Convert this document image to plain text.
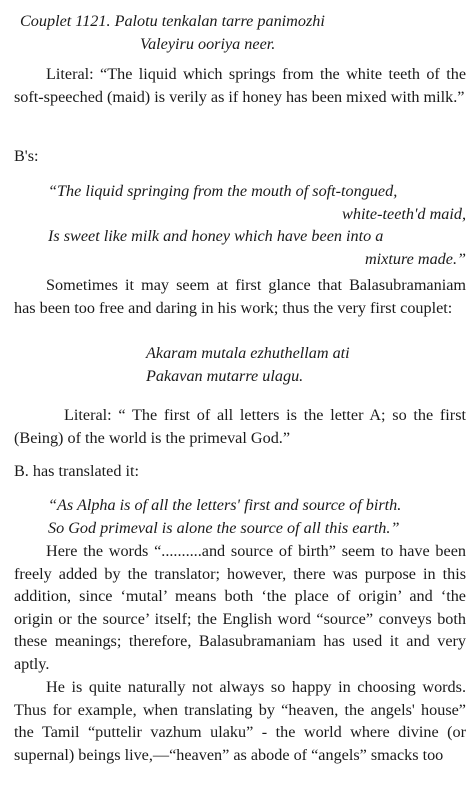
Couplet 1121. Palotu tenkalan tarre panimozhi
Valeyiru ooriya neer.

Literal: “The liquid which springs from the white teeth of the soft-speeched (maid) is verily as if honey has been mixed with milk.”

B's:

“The liquid springing from the mouth of soft-tongued,
white-teeth'd maid,
Is sweet like milk and honey which have been into a
mixture made.”

Sometimes it may seem at first glance that Balasubramaniam has been too free and daring in his work; thus the very first couplet:

Akaram mutala ezhuthellam ati
Pakavan mutarre ulagu.

Literal: “ The first of all letters is the letter A; so the first (Being) of the world is the primeval God.”

B. has translated it:

“As Alpha is of all the letters' first and source of birth.
So God primeval is alone the source of all this earth.”

Here the words “..........and source of birth” seem to have been freely added by the translator; however, there was purpose in this addition, since ‘mutal’ means both ‘the place of origin’ and ‘the origin or the source’ itself; the English word “source” conveys both these meanings; therefore, Balasubramaniam has used it and very aptly.

He is quite naturally not always so happy in choosing words. Thus for example, when translating by “heaven, the angels' house” the Tamil “puttelir vazhum ulaku” - the world where divine (or supernal) beings live,—“heaven” as abode of “angels” smacks too
